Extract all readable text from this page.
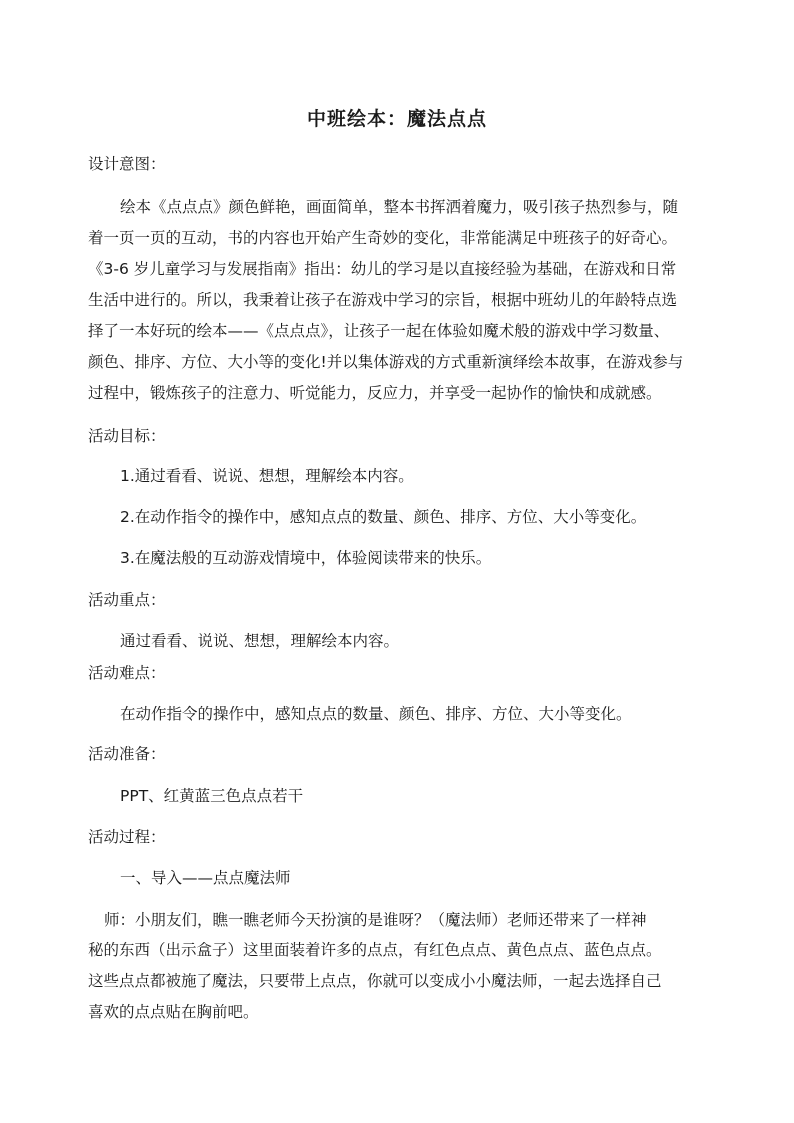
中班绘本：魔法点点
设计意图：
绘本《点点点》颜色鲜艳，画面简单，整本书挥洒着魔力，吸引孩子热烈参与，随
着一页一页的互动，书的内容也开始产生奇妙的变化，非常能满足中班孩子的好奇心。
《3-6 岁儿童学习与发展指南》指出：幼儿的学习是以直接经验为基础，在游戏和日常
生活中进行的。所以，我秉着让孩子在游戏中学习的宗旨，根据中班幼儿的年龄特点选
择了一本好玩的绘本——《点点点》，让孩子一起在体验如魔术般的游戏中学习数量、
颜色、排序、方位、大小等的变化!并以集体游戏的方式重新演绎绘本故事，在游戏参与
过程中，锻炼孩子的注意力、听觉能力，反应力，并享受一起协作的愉快和成就感。
活动目标：
1.通过看看、说说、想想，理解绘本内容。
2.在动作指令的操作中，感知点点的数量、颜色、排序、方位、大小等变化。
3.在魔法般的互动游戏情境中，体验阅读带来的快乐。
活动重点：
通过看看、说说、想想，理解绘本内容。
活动难点：
在动作指令的操作中，感知点点的数量、颜色、排序、方位、大小等变化。
活动准备：
PPT、红黄蓝三色点点若干
活动过程：
一、导入——点点魔法师
师：小朋友们，瞧一瞧老师今天扮演的是谁呀？（魔法师）老师还带来了一样神
秘的东西（出示盒子）这里面装着许多的点点，有红色点点、黄色点点、蓝色点点。
这些点点都被施了魔法，只要带上点点，你就可以变成小小魔法师，一起去选择自己
喜欢的点点贴在胸前吧。
